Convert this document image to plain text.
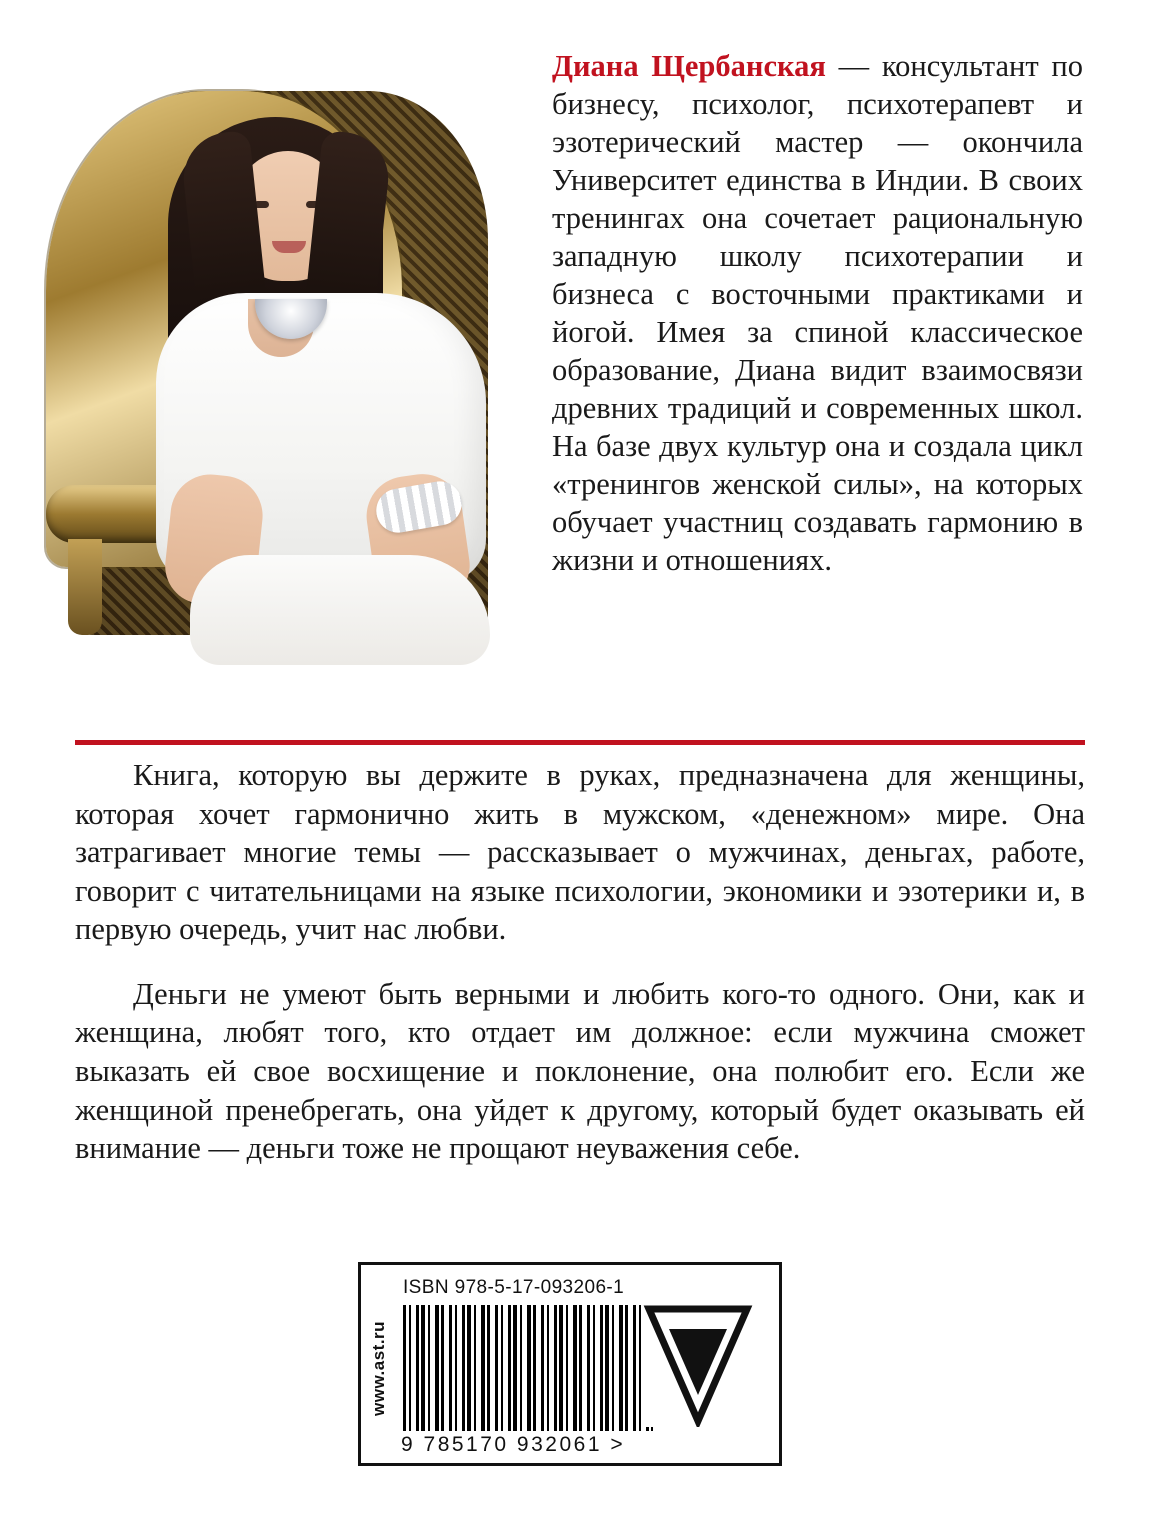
Диана Щербанская — консультант по бизнесу, психолог, психотерапевт и эзотерический мастер — окончила Университет единства в Индии. В своих тренингах она сочетает рациональную западную школу психотерапии и бизнеса с восточными практиками и йогой. Имея за спиной классическое образование, Диана видит взаимосвязи древних традиций и современных школ. На базе двух культур она и создала цикл «тренингов женской силы», на которых обучает участниц создавать гармонию в жизни и отношениях.

Книга, которую вы держите в руках, предназначена для женщины, которая хочет гармонично жить в мужском, «денежном» мире. Она затрагивает многие темы — рассказывает о мужчинах, деньгах, работе, говорит с читательницами на языке психологии, экономики и эзотерики и, в первую очередь, учит нас любви.

Деньги не умеют быть верными и любить кого-то одного. Они, как и женщина, любят того, кто отдает им должное: если мужчина сможет выказать ей свое восхищение и поклонение, она полюбит его. Если же женщиной пренебрегать, она уйдет к другому, который будет оказывать ей внимание — деньги тоже не прощают неуважения себе.

www.ast.ru
ISBN 978-5-17-093206-1
9 785170 932061 >
